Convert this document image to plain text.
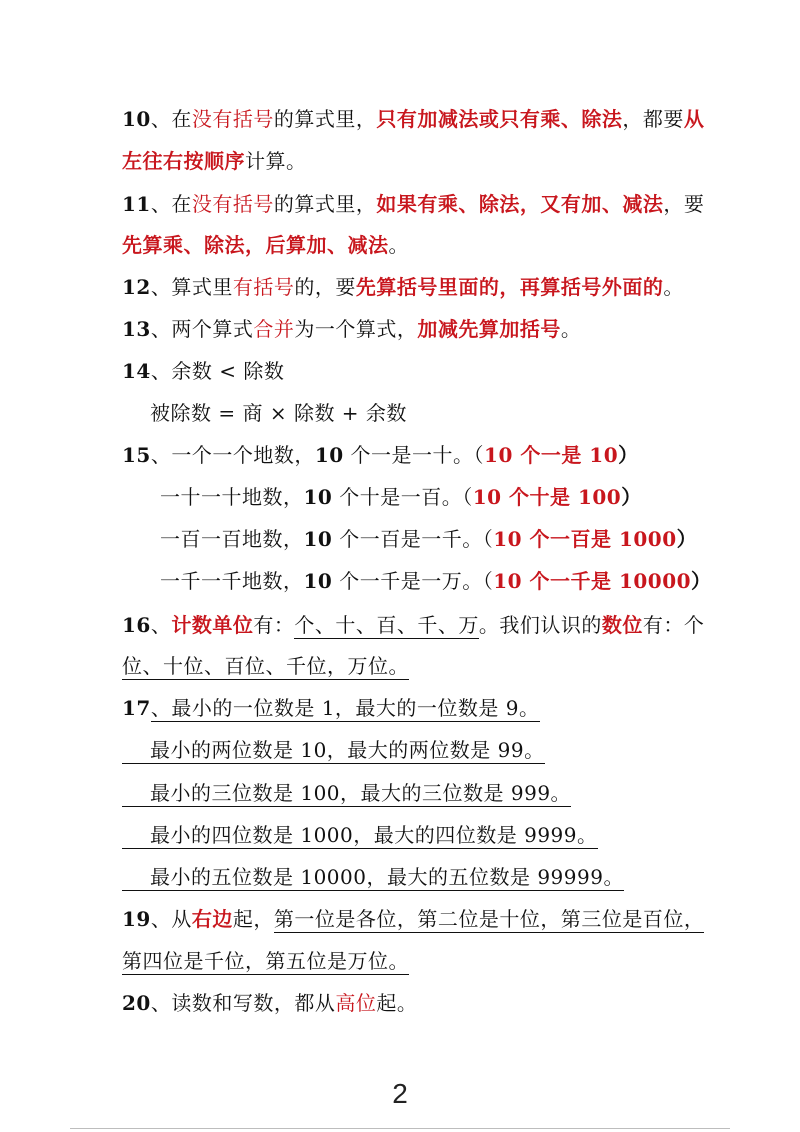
10、在没有括号的算式里，只有加减法或只有乘、除法，都要从
左往右按顺序计算。
11、在没有括号的算式里，如果有乘、除法，又有加、减法，要
先算乘、除法，后算加、减法。
12、算式里有括号的，要先算括号里面的，再算括号外面的。
13、两个算式合并为一个算式，加减先算加括号。
14、余数 < 除数
被除数 = 商 × 除数 + 余数
15、一个一个地数，10 个一是一十。（10 个一是 10）
一十一十地数，10 个十是一百。（10 个十是 100）
一百一百地数，10 个一百是一千。（10 个一百是 1000）
一千一千地数，10 个一千是一万。（10 个一千是 10000）
16、计数单位有：个、十、百、千、万。我们认识的数位有：个
位、十位、百位、千位，万位。
17、最小的一位数是 1，最大的一位数是 9。
最小的两位数是 10，最大的两位数是 99。
最小的三位数是 100，最大的三位数是 999。
最小的四位数是 1000，最大的四位数是 9999。
最小的五位数是 10000，最大的五位数是 99999。
19、从右边起，第一位是各位，第二位是十位，第三位是百位，
第四位是千位，第五位是万位。
20、读数和写数，都从高位起。
2
